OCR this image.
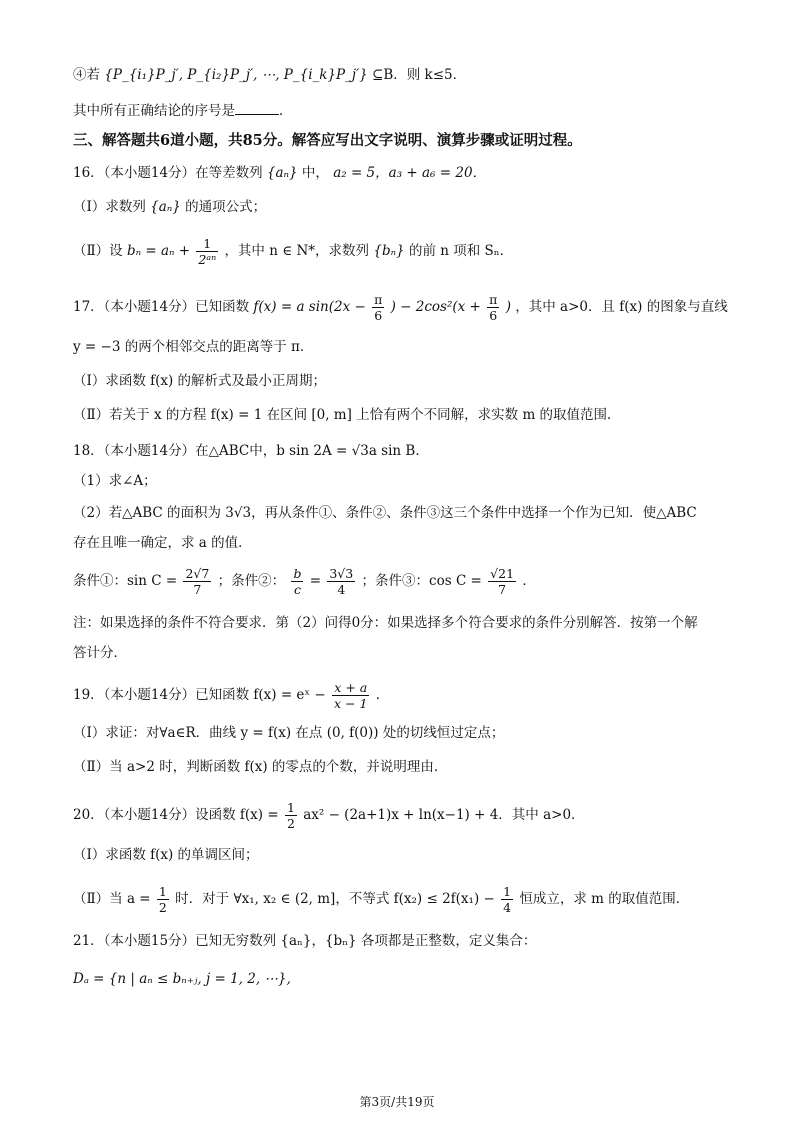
④若 {P_{i₁}P_j′, P_{i₂}P_j′, ⋯, P_{i_k}P_j′} ⊆B．则 k≤5．
其中所有正确结论的序号是	．
三、解答题共6道小题，共85分。解答应写出文字说明、演算步骤或证明过程。
16．（本小题14分）在等差数列 {aₙ} 中， a₂ = 5，a₃ + a₆ = 20．
（Ⅰ）求数列 {aₙ} 的通项公式；
（Ⅱ）设 $b_n = a_n + \frac{1}{\text{2ᵃⁿ}}$ ，其中 n ∈ N*，求数列 {bₙ} 的前 n 项和 Sₙ．
17．（本小题14分）已知函数 f(x) = a $\sin(2x - \frac{\pi}{6}$ ) − $2\cos^2(x + \frac{\pi}{6}$ ) ，其中 a>0．且 f(x) 的图象与直线
y = −3 的两个相邻交点的距离等于 π．
（Ⅰ）求函数 f(x) 的解析式及最小正周期；
（Ⅱ）若关于 x 的方程 f(x) = 1 在区间 [0, m] 上恰有两个不同解，求实数 m 的取值范围．
18．（本小题14分）在△ABC中，b sin 2A = √3a sin B．
（1）求∠A；
（2）若△ABC 的面积为 3√3，再从条件①、条件②、条件③这三个条件中选择一个作为已知．使△ABC
存在且唯一确定，求 a 的值．
条件①：$\sin C = \frac{2√7}{7}$ ；条件②： $\frac{b}{c} = \frac{3√3}{4}$ ；条件③：$\cos C = \frac{√21}{7}$ ．
注：如果选择的条件不符合要求．第（2）问得0分：如果选择多个符合要求的条件分别解答．按第一个解
答计分．
19．（本小题14分）已知函数 f(x) = eˣ − $\frac{x + a}{x - 1}$ ．
（Ⅰ）求证：对∀a∈R．曲线 y = f(x) 在点 (0, f(0)) 处的切线恒过定点；
（Ⅱ）当 a>2 时，判断函数 f(x) 的零点的个数，并说明理由．
20．（本小题14分）设函数 $f(x) = \frac{1}{2} ax^2 - (2a+1)x + \ln(x-1) + 4$．其中 a>0．
（Ⅰ）求函数 f(x) 的单调区间；
（Ⅱ）当 $a = \frac{1}{2}$ 时．对于 ∀x₁, x₂ ∈ (2, m]，不等式 $f(x_2) \le 2f(x_1) - \frac{1}{4}$ 恒成立，求 m 的取值范围．
21．（本小题15分）已知无穷数列 {aₙ}，{bₙ} 各项都是正整数，定义集合：
Dₐ = {n | aₙ ≤ bₙ₊ⱼ, j = 1, 2, ⋯},
第3页/共19页
